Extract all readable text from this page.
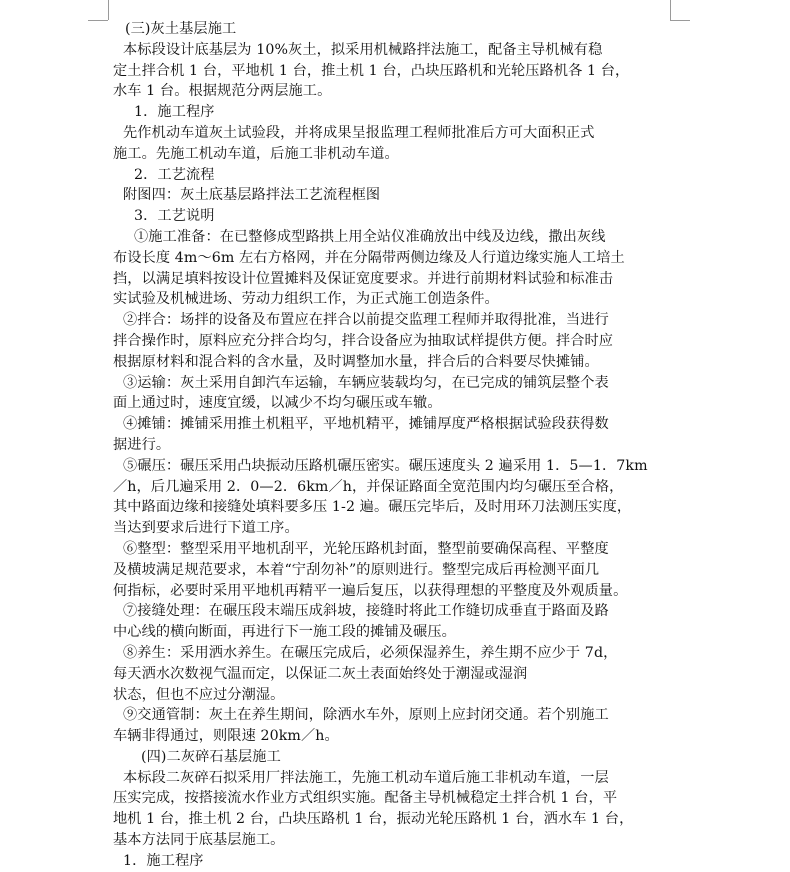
(三)灰土基层施工
本标段设计底基层为 10%灰土，拟采用机械路拌法施工，配备主导机械有稳
定土拌合机 1 台，平地机 1 台，推土机 1 台，凸块压路机和光轮压路机各 1 台，
水车 1 台。根据规范分两层施工。
1．施工程序
先作机动车道灰土试验段，并将成果呈报监理工程师批准后方可大面积正式
施工。先施工机动车道，后施工非机动车道。
2．工艺流程
附图四：灰土底基层路拌法工艺流程框图
3．工艺说明
①施工准备：在已整修成型路拱上用全站仪准确放出中线及边线，撒出灰线
布设长度 4m～6m 左右方格网，并在分隔带两侧边缘及人行道边缘实施人工培土
挡，以满足填料按设计位置摊料及保证宽度要求。并进行前期材料试验和标准击
实试验及机械进场、劳动力组织工作，为正式施工创造条件。
②拌合：场拌的设备及布置应在拌合以前提交监理工程师并取得批准，当进行
拌合操作时，原料应充分拌合均匀，拌合设备应为抽取试样提供方便。拌合时应
根据原材料和混合料的含水量，及时调整加水量，拌合后的合料要尽快摊铺。
③运输：灰土采用自卸汽车运输，车辆应装载均匀，在已完成的铺筑层整个表
面上通过时，速度宜缓，以减少不均匀碾压或车辙。
④摊铺：摊铺采用推土机粗平，平地机精平，摊铺厚度严格根据试验段获得数
据进行。
⑤碾压：碾压采用凸块振动压路机碾压密实。碾压速度头 2 遍采用 1．5—1．7km
／h，后几遍采用 2．0—2．6km／h，并保证路面全宽范围内均匀碾压至合格，
其中路面边缘和接缝处填料要多压 1-2 遍。碾压完毕后，及时用环刀法测压实度，
当达到要求后进行下道工序。
⑥整型：整型采用平地机刮平，光轮压路机封面，整型前要确保高程、平整度
及横坡满足规范要求，本着“宁刮勿补”的原则进行。整型完成后再检测平面几
何指标，必要时采用平地机再精平一遍后复压，以获得理想的平整度及外观质量。
⑦接缝处理：在碾压段末端压成斜坡，接缝时将此工作缝切成垂直于路面及路
中心线的横向断面，再进行下一施工段的摊铺及碾压。
⑧养生：采用洒水养生。在碾压完成后，必须保湿养生，养生期不应少于 7d，
每天洒水次数视气温而定，以保证二灰土表面始终处于潮湿或湿润
状态，但也不应过分潮湿。
⑨交通管制：灰土在养生期间，除洒水车外，原则上应封闭交通。若个别施工
车辆非得通过，则限速 20km／h。
(四)二灰碎石基层施工
本标段二灰碎石拟采用厂拌法施工，先施工机动车道后施工非机动车道，一层
压实完成，按搭接流水作业方式组织实施。配备主导机械稳定土拌合机 1 台，平
地机 1 台，推土机 2 台，凸块压路机 1 台，振动光轮压路机 1 台，洒水车 1 台，
基本方法同于底基层施工。
1．施工程序
